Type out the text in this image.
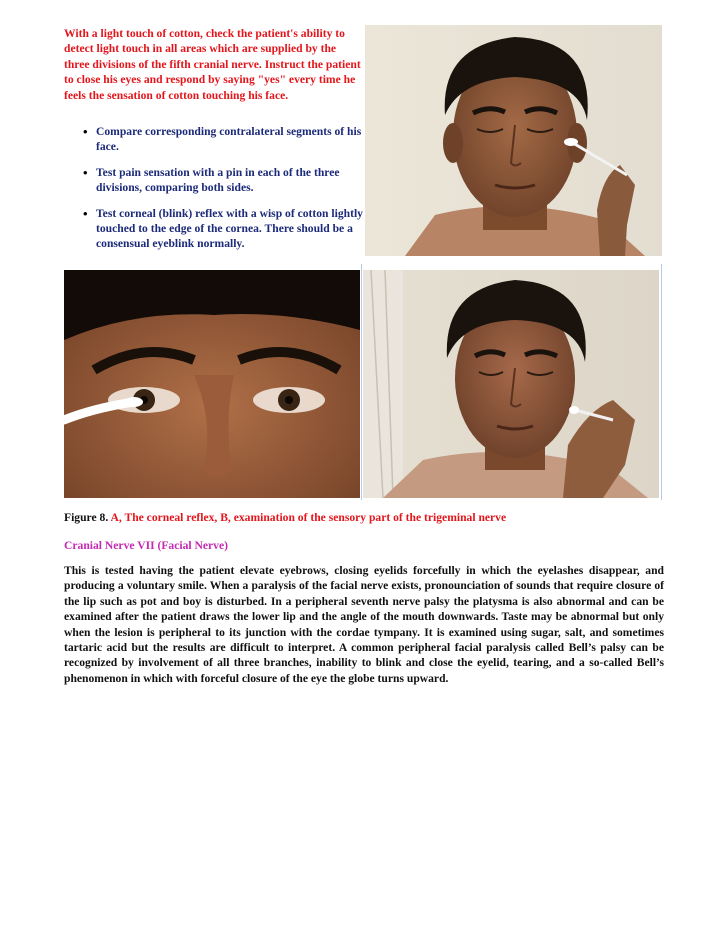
With a light touch of cotton, check the patient's ability to detect light touch in all areas which are supplied by the three divisions of the fifth cranial nerve. Instruct the patient to close his eyes and respond by saying "yes" every time he feels the sensation of cotton touching his face.

• Compare corresponding contralateral segments of his face.
• Test pain sensation with a pin in each of the three divisions, comparing both sides.
• Test corneal (blink) reflex with a wisp of cotton lightly touched to the edge of the cornea. There should be a consensual eyeblink normally.

Figure 8. A, The corneal reflex, B, examination of the sensory part of the trigeminal nerve

Cranial Nerve VII (Facial Nerve)

This is tested having the patient elevate eyebrows, closing eyelids forcefully in which the eyelashes disappear, and producing a voluntary smile. When a paralysis of the facial nerve exists, pronounciation of sounds that require closure of the lip such as pot and boy is disturbed. In a peripheral seventh nerve palsy the platysma is also abnormal and can be examined after the patient draws the lower lip and the angle of the mouth downwards. Taste may be abnormal but only when the lesion is peripheral to its junction with the cordae tympany. It is examined using sugar, salt, and sometimes tartaric acid but the results are difficult to interpret. A common peripheral facial paralysis called Bell’s palsy can be recognized by involvement of all three branches, inability to blink and close the eyelid, tearing, and a so-called Bell’s phenomenon in which with forceful closure of the eye the globe turns upward.
